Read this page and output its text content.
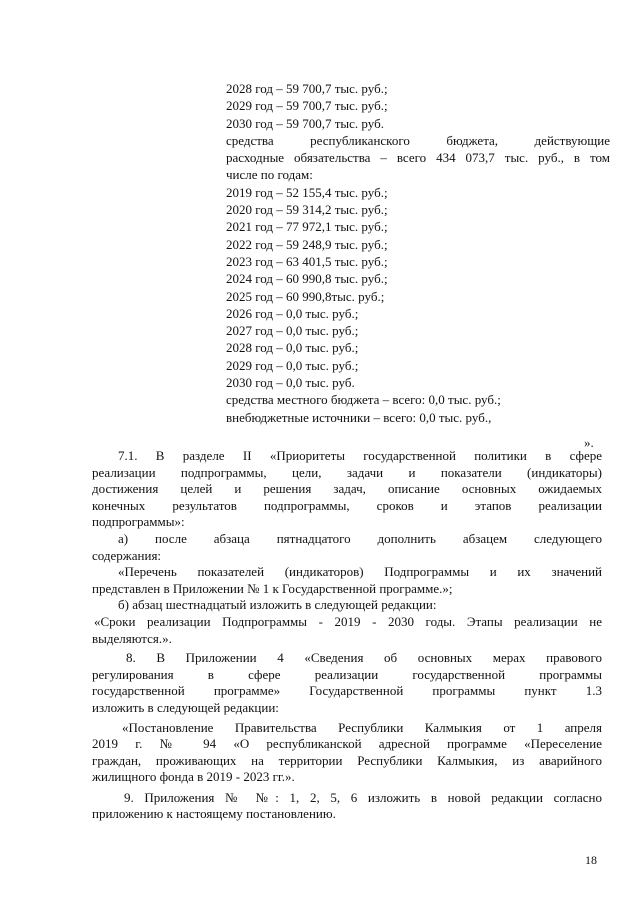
2028 год – 59 700,7 тыс. руб.;
2029 год – 59 700,7 тыс. руб.;
2030 год – 59 700,7 тыс. руб.
средства республиканского бюджета, действующие
расходные обязательства – всего 434 073,7 тыс. руб., в том
числе по годам:
2019 год – 52 155,4 тыс. руб.;
2020 год – 59 314,2 тыс. руб.;
2021 год – 77 972,1 тыс. руб.;
2022 год – 59 248,9 тыс. руб.;
2023 год – 63 401,5 тыс. руб.;
2024 год – 60 990,8 тыс. руб.;
2025 год – 60 990,8тыс. руб.;
2026 год – 0,0 тыс. руб.;
2027 год – 0,0 тыс. руб.;
2028 год – 0,0 тыс. руб.;
2029 год – 0,0 тыс. руб.;
2030 год – 0,0 тыс. руб.
средства местного бюджета – всего: 0,0 тыс. руб.;
внебюджетные источники – всего: 0,0 тыс. руб.,
».
7.1. В разделе II «Приоритеты государственной политики в сфере
реализации подпрограммы, цели, задачи и показатели (индикаторы)
достижения целей и решения задач, описание основных ожидаемых
конечных результатов подпрограммы, сроков и этапов реализации
подпрограммы»:
а) после абзаца пятнадцатого дополнить абзацем следующего
содержания:
«Перечень показателей (индикаторов) Подпрограммы и их значений
представлен в Приложении № 1 к Государственной программе.»;
б) абзац шестнадцатый изложить в следующей редакции:
«Сроки реализации Подпрограммы - 2019 - 2030 годы. Этапы реализации не
выделяются.».
8. В Приложении 4 «Сведения об основных мерах правового
регулирования в сфере реализации государственной программы
государственной программе» Государственной программы пункт 1.3
изложить в следующей редакции:
«Постановление Правительства Республики Калмыкия от 1 апреля
2019 г. № 94 «О республиканской адресной программе «Переселение
граждан, проживающих на территории Республики Калмыкия, из аварийного
жилищного фонда в 2019 - 2023 гг.».
9. Приложения № №: 1, 2, 5, 6 изложить в новой редакции согласно
приложению к настоящему постановлению.
18
